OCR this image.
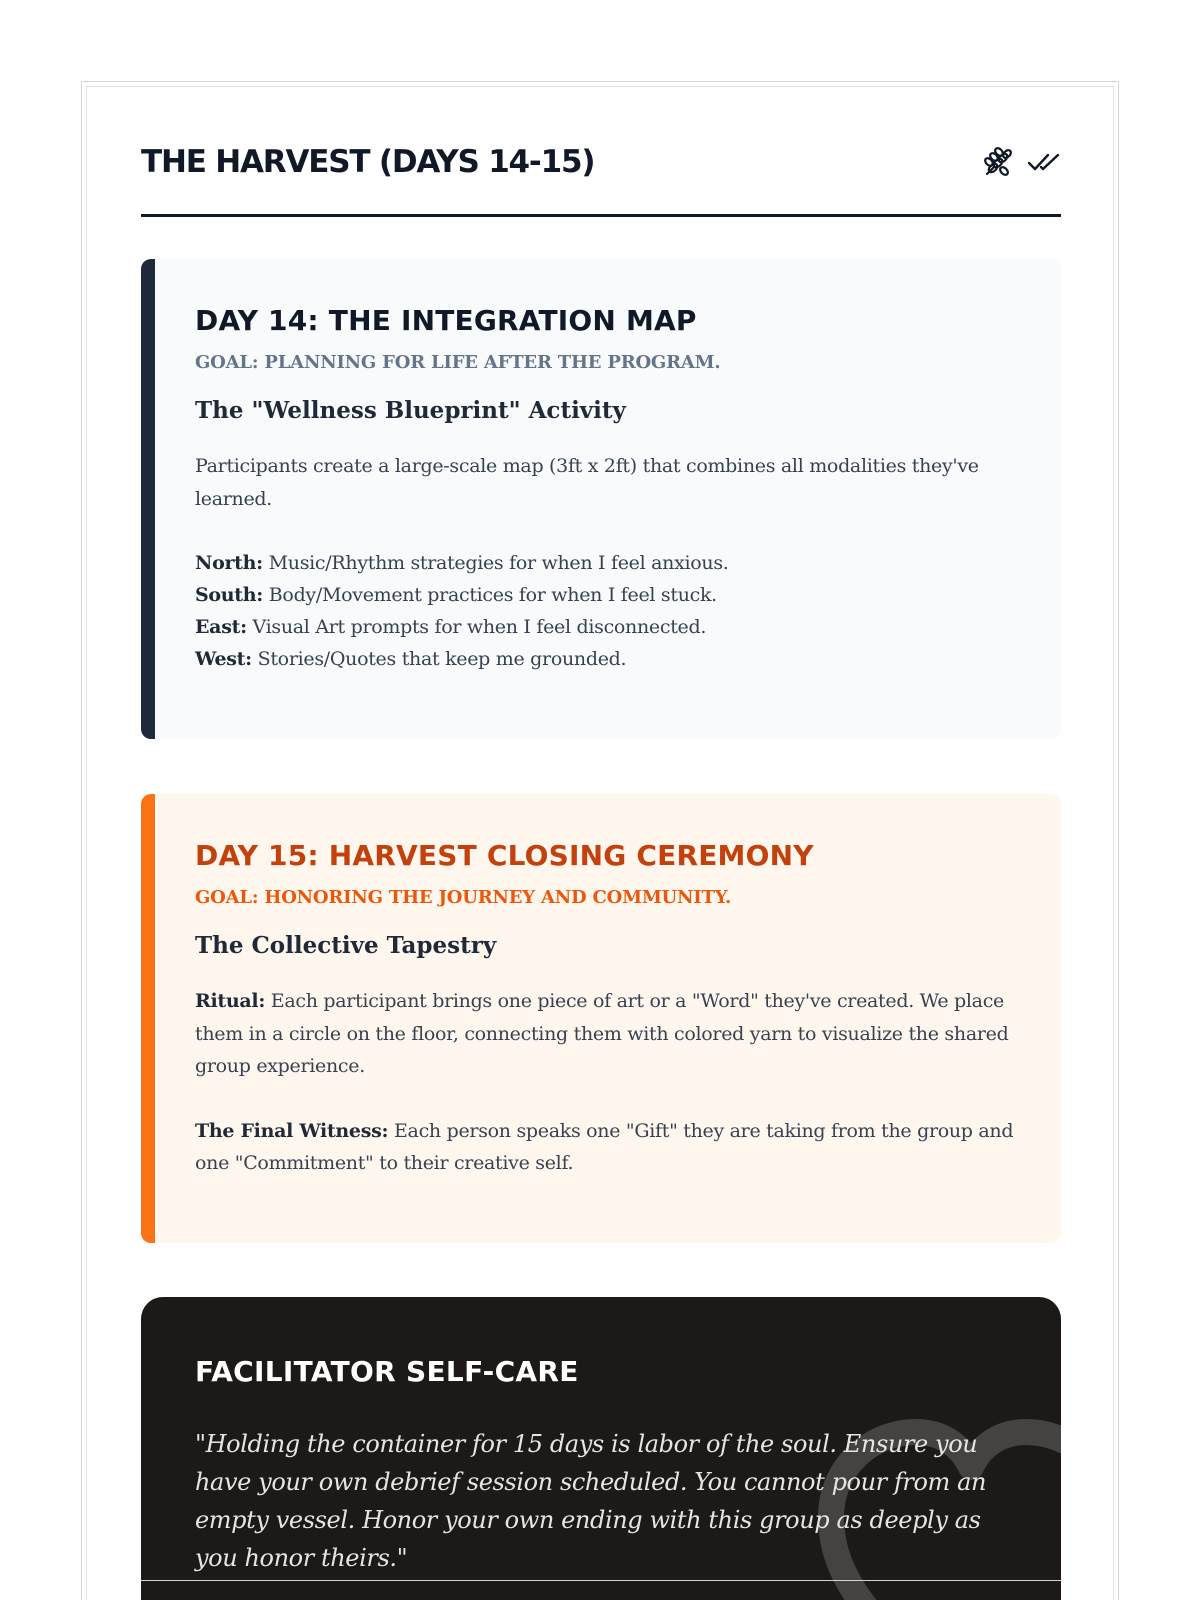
THE HARVEST (DAYS 14-15)
DAY 14: THE INTEGRATION MAP

GOAL: PLANNING FOR LIFE AFTER THE PROGRAM.

The "Wellness Blueprint" Activity

Participants create a large-scale map (3ft x 2ft) that combines all modalities they've learned.

North: Music/Rhythm strategies for when I feel anxious.
South: Body/Movement practices for when I feel stuck.
East: Visual Art prompts for when I feel disconnected.
West: Stories/Quotes that keep me grounded.
DAY 15: HARVEST CLOSING CEREMONY

GOAL: HONORING THE JOURNEY AND COMMUNITY.

The Collective Tapestry

Ritual: Each participant brings one piece of art or a "Word" they've created. We place them in a circle on the floor, connecting them with colored yarn to visualize the shared group experience.

The Final Witness: Each person speaks one "Gift" they are taking from the group and one "Commitment" to their creative self.

FACILITATOR SELF-CARE

"Holding the container for 15 days is labor of the soul. Ensure you have your own debrief session scheduled. You cannot pour from an empty vessel. Honor your own ending with this group as deeply as you honor theirs."
